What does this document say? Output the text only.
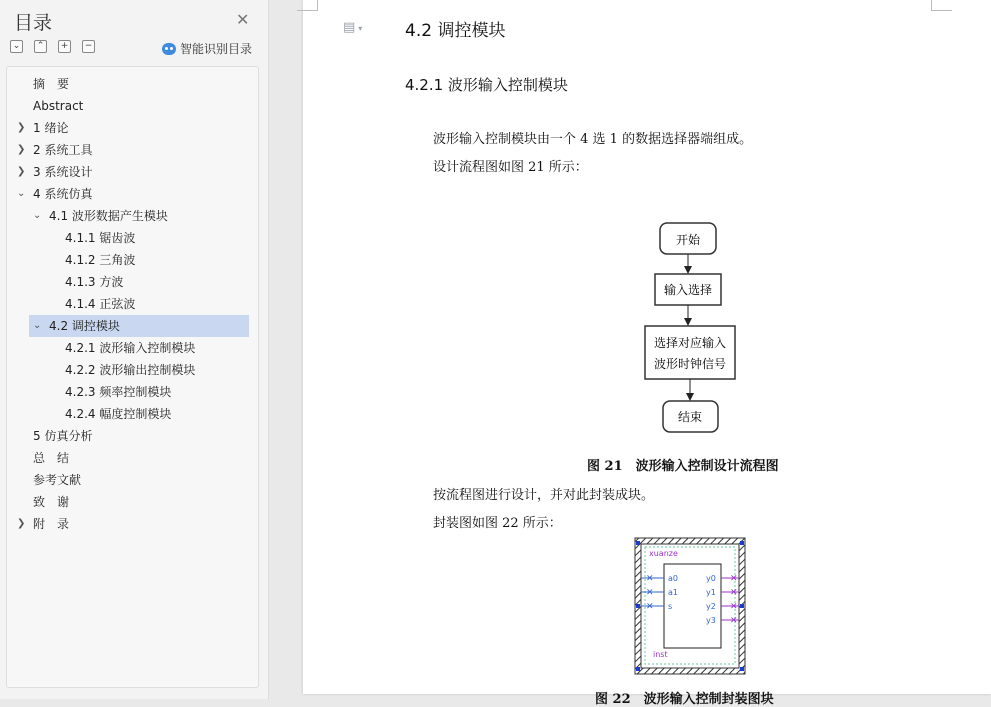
目录	✕
⌄	⌃	+	−	智能识别目录
摘　要
Abstract
❯ 1 绪论
❯ 2 系统工具
❯ 3 系统设计
⌄ 4 系统仿真
⌄ 4.1 波形数据产生模块
4.1.1 锯齿波
4.1.2 三角波
4.1.3 方波
4.1.4 正弦波
⌄ 4.2 调控模块
4.2.1 波形输入控制模块
4.2.2 波形输出控制模块
4.2.3 频率控制模块
4.2.4 幅度控制模块
5 仿真分析
总　结
参考文献
致　谢
❯ 附　录
▤ ▾	4.2 调控模块
4.2.1 波形输入控制模块
波形输入控制模块由一个 4 选 1 的数据选择器端组成。
设计流程图如图 21 所示：
开始
输入选择
选择对应输入
波形时钟信号
结束
图 21　波形输入控制设计流程图
按流程图进行设计，并对此封装成块。
封装图如图 22 所示：
xuanze
a0
a1
s
✕
✕
✕
y0
y1
y2
y3
✕
✕
✕
✕
inst
图 22　波形输入控制封装图块
